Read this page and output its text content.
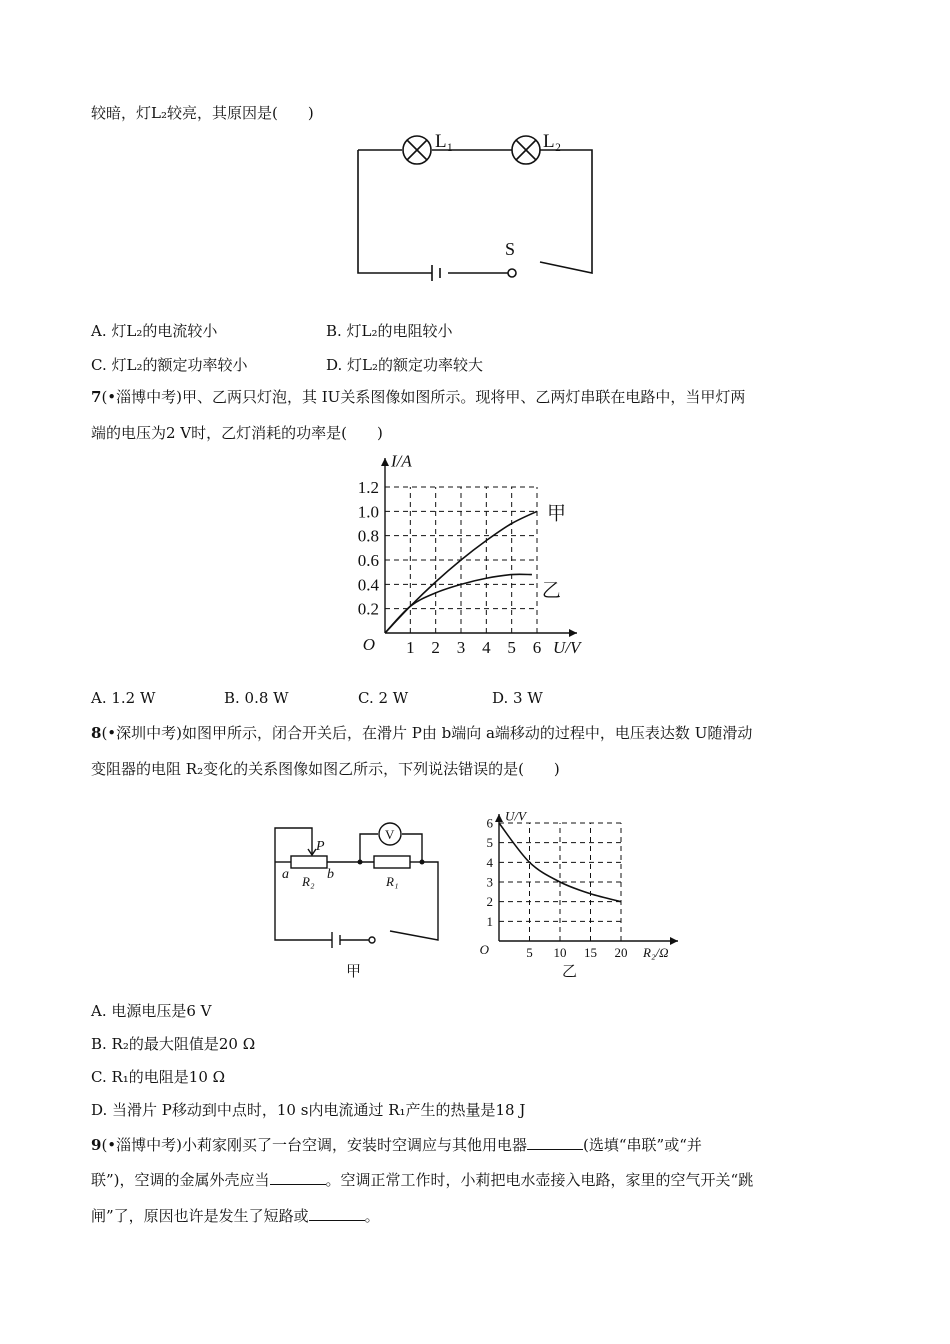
较暗，灯L₂较亮，其原因是(　　)
L₁	L₂
S
A. 灯L₂的电流较小	B. 灯L₂的电阻较小
C. 灯L₂的额定功率较小	D. 灯L₂的额定功率较大
7(•淄博中考)甲、乙两只灯泡，其 IU关系图像如图所示。现将甲、乙两灯串联在电路中，当甲灯两
端的电压为2 V时，乙灯消耗的功率是(　　)
1 2 3 4 5 6
0.2
0.4
0.6
0.8
1.0
1.2
O	U/V
I/A
甲
乙
A. 1.2 W	B. 0.8 W	C. 2 W	D. 3 W
8(•深圳中考)如图甲所示，闭合开关后，在滑片 P由 b端向 a端移动的过程中，电压表达数 U随滑动
变阻器的电阻 R₂变化的关系图像如图乙所示，下列说法错误的是(　　)
V
P
a	b
R₂	R₁
甲
5 10 15 20
1
2
3
4
5
6
O	R₂/Ω
U/V
乙
A. 电源电压是6 V
B. R₂的最大阻值是20 Ω
C. R₁的电阻是10 Ω
D. 当滑片 P移动到中点时，10 s内电流通过 R₁产生的热量是18 J
9(•淄博中考)小莉家刚买了一台空调，安装时空调应与其他用电器	(选填“串联”或“并
联”)，空调的金属外壳应当	。空调正常工作时，小莉把电水壶接入电路，家里的空气开关“跳
闸”了，原因也许是发生了短路或	。
